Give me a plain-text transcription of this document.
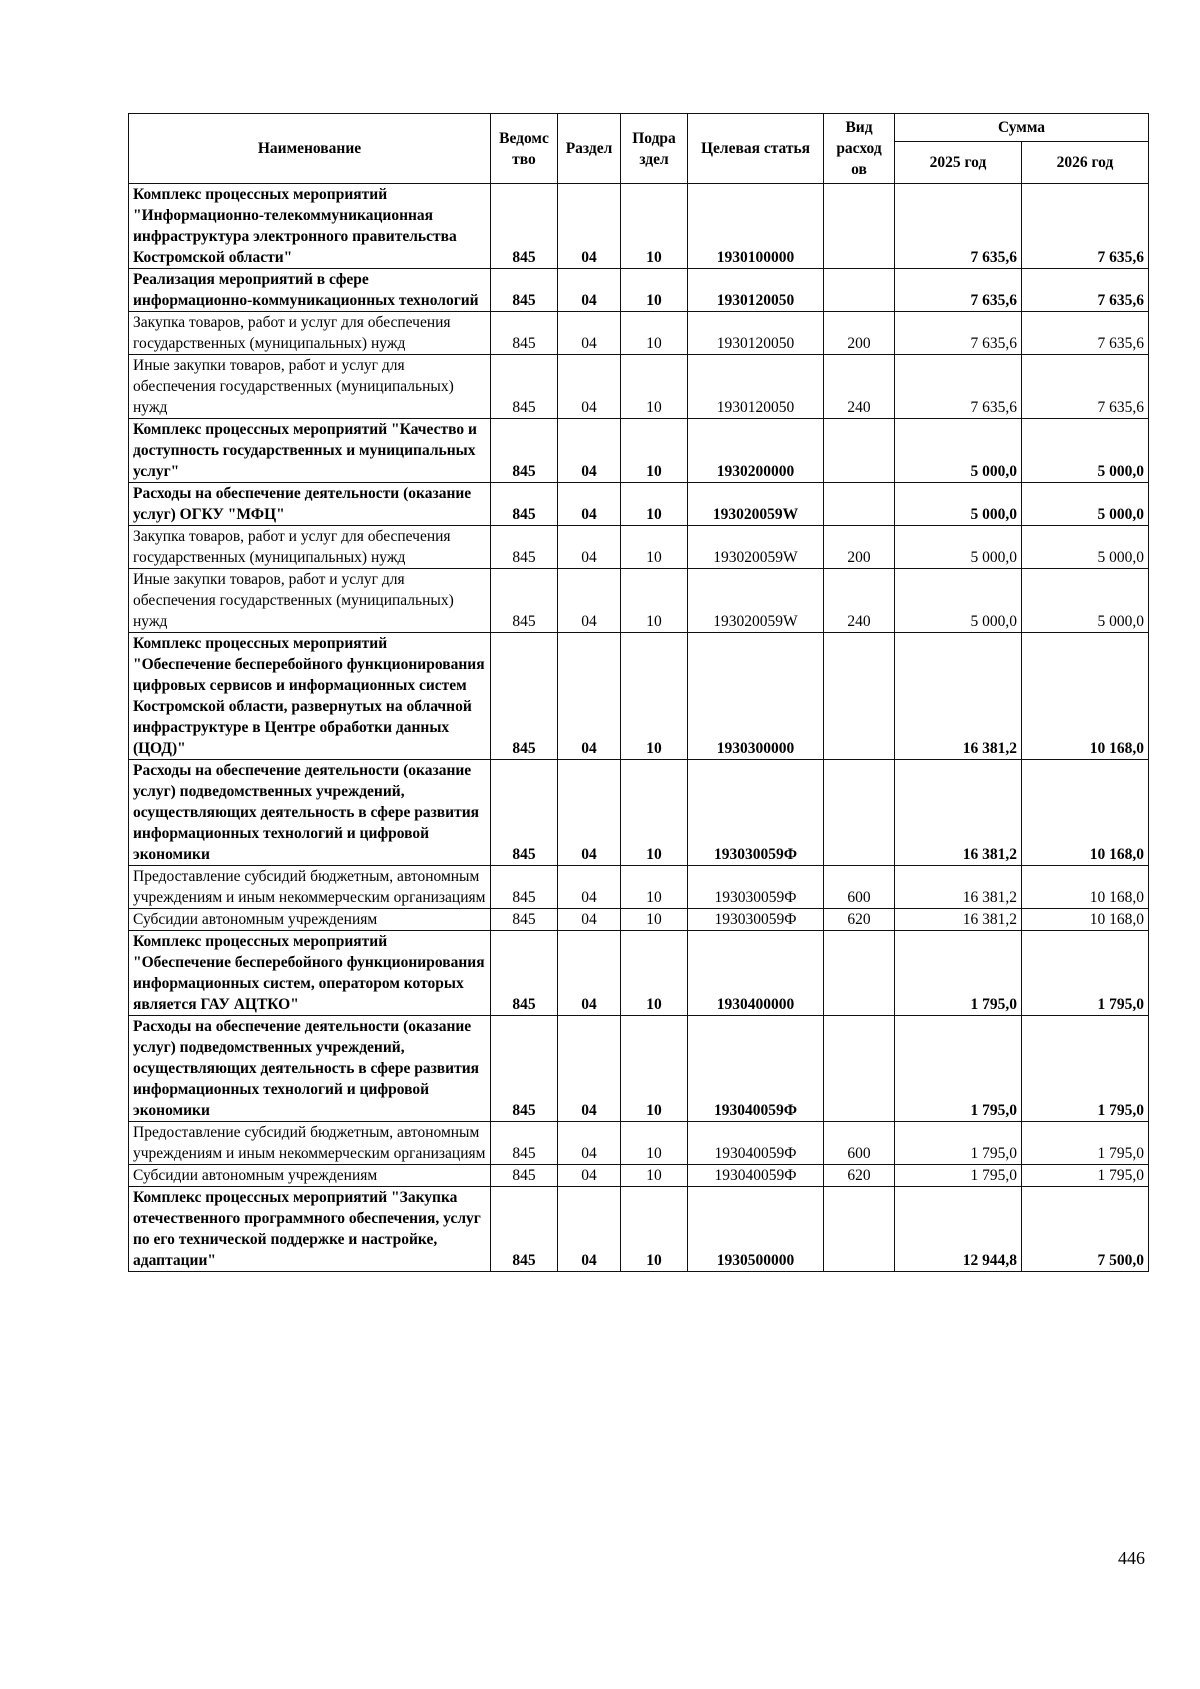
Наименование	Ведомс тво	Раздел	Подра здел	Целевая статья	Вид расход ов	Сумма	
						2025 год	2026 год
Комплекс процессных мероприятий "Информационно-телекоммуникационная инфраструктура электронного правительства Костромской области"	845	04	10	1930100000		7 635,6	7 635,6
Реализация мероприятий в сфере информационно-коммуникационных технологий	845	04	10	1930120050		7 635,6	7 635,6
Закупка товаров, работ и услуг для обеспечения государственных (муниципальных) нужд	845	04	10	1930120050	200	7 635,6	7 635,6
Иные закупки товаров, работ и услуг для обеспечения государственных (муниципальных) нужд	845	04	10	1930120050	240	7 635,6	7 635,6
Комплекс процессных мероприятий "Качество и доступность государственных и муниципальных услуг"	845	04	10	1930200000		5 000,0	5 000,0
Расходы на обеспечение деятельности (оказание услуг) ОГКУ "МФЦ"	845	04	10	193020059W		5 000,0	5 000,0
Закупка товаров, работ и услуг для обеспечения государственных (муниципальных) нужд	845	04	10	193020059W	200	5 000,0	5 000,0
Иные закупки товаров, работ и услуг для обеспечения государственных (муниципальных) нужд	845	04	10	193020059W	240	5 000,0	5 000,0
Комплекс процессных мероприятий "Обеспечение бесперебойного функционирования цифровых сервисов и информационных систем Костромской области, развернутых на облачной инфраструктуре в Центре обработки данных (ЦОД)"	845	04	10	1930300000		16 381,2	10 168,0
Расходы на обеспечение деятельности (оказание услуг) подведомственных учреждений, осуществляющих деятельность в сфере развития информационных технологий и цифровой экономики	845	04	10	193030059Ф		16 381,2	10 168,0
Предоставление субсидий бюджетным, автономным учреждениям и иным некоммерческим организациям	845	04	10	193030059Ф	600	16 381,2	10 168,0
Субсидии автономным учреждениям	845	04	10	193030059Ф	620	16 381,2	10 168,0
Комплекс процессных мероприятий "Обеспечение бесперебойного функционирования информационных систем, оператором которых является ГАУ АЦТКО"	845	04	10	1930400000		1 795,0	1 795,0
Расходы на обеспечение деятельности (оказание услуг) подведомственных учреждений, осуществляющих деятельность в сфере развития информационных технологий и цифровой экономики	845	04	10	193040059Ф		1 795,0	1 795,0
Предоставление субсидий бюджетным, автономным учреждениям и иным некоммерческим организациям	845	04	10	193040059Ф	600	1 795,0	1 795,0
Субсидии автономным учреждениям	845	04	10	193040059Ф	620	1 795,0	1 795,0
Комплекс процессных мероприятий "Закупка отечественного программного обеспечения, услуг по его технической поддержке и настройке, адаптации"	845	04	10	1930500000		12 944,8	7 500,0
446
